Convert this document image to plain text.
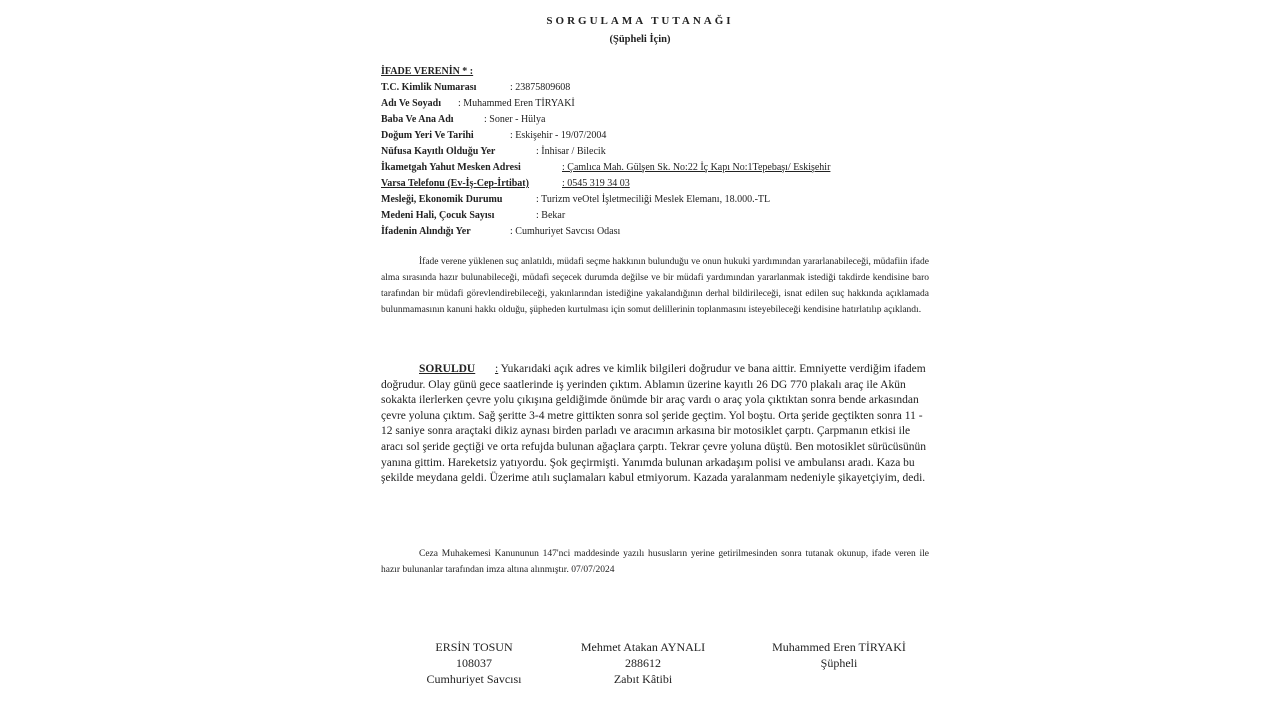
SORGULAMA TUTANAĞI
(Şüpheli İçin)
İFADE VERENİN * :
T.C. Kimlik Numarası	: 23875809608
Adı Ve Soyadı : Muhammed Eren TİRYAKİ
Baba Ve Ana Adı	: Soner - Hülya
Doğum Yeri Ve Tarihi	: Eskişehir - 19/07/2004
Nüfusa Kayıtlı Olduğu Yer	: İnhisar / Bilecik
İkametgah Yahut Mesken Adresi	: Çamlıca Mah. Gülşen Sk. No:22 İç Kapı No:1Tepebaşı/ Eskişehir
Varsa Telefonu (Ev-İş-Cep-İrtibat)	: 0545 319 34 03
Mesleği, Ekonomik Durumu	: Turizm veOtel İşletmeciliği Meslek Elemanı, 18.000.-TL
Medeni Hali, Çocuk Sayısı	: Bekar
İfadenin Alındığı Yer	: Cumhuriyet Savcısı Odası

İfade verene yüklenen suç anlatıldı, müdafi seçme hakkının bulunduğu ve onun hukuki yardımından yararlanabileceği, müdafiin ifade alma sırasında hazır bulunabileceği, müdafi seçecek durumda değilse ve bir müdafi yardımından yararlanmak istediği takdirde kendisine baro tarafından bir müdafi görevlendirebileceği, yakınlarından istediğine yakalandığının derhal bildirileceği, isnat edilen suç hakkında açıklamada bulunmamasının kanuni hakkı olduğu, şüpheden kurtulması için somut delillerinin toplanmasını isteyebileceği kendisine hatırlatılıp açıklandı.

SORULDU : Yukarıdaki açık adres ve kimlik bilgileri doğrudur ve bana aittir. Emniyette verdiğim ifadem doğrudur. Olay günü gece saatlerinde iş yerinden çıktım. Ablamın üzerine kayıtlı 26 DG 770 plakalı araç ile Akün sokakta ilerlerken çevre yolu çıkışına geldiğimde önümde bir araç vardı o araç yola çıktıktan sonra bende arkasından çevre yoluna çıktım. Sağ şeritte 3-4 metre gittikten sonra sol şeride geçtim. Yol boştu. Orta şeride geçtikten sonra 11 - 12 saniye sonra araçtaki dikiz aynası birden parladı ve aracımın arkasına bir motosiklet çarptı. Çarpmanın etkisi ile aracı sol şeride geçtiği ve orta refujda bulunan ağaçlara çarptı. Tekrar çevre yoluna düştü. Ben motosiklet sürücüsünün yanına gittim. Hareketsiz yatıyordu. Şok geçirmişti. Yanımda bulunan arkadaşım polisi ve ambulansı aradı. Kaza bu şekilde meydana geldi. Üzerime atılı suçlamaları kabul etmiyorum. Kazada yaralanmam nedeniyle şikayetçiyim, dedi.

Ceza Muhakemesi Kanununun 147'nci maddesinde yazılı hususların yerine getirilmesinden sonra tutanak okunup, ifade veren ile hazır bulunanlar tarafından imza altına alınmıştır. 07/07/2024

ERSİN TOSUN
108037
Cumhuriyet Savcısı
Mehmet Atakan AYNALI
288612
Zabıt Kâtibi
Muhammed Eren TİRYAKİ
Şüpheli
